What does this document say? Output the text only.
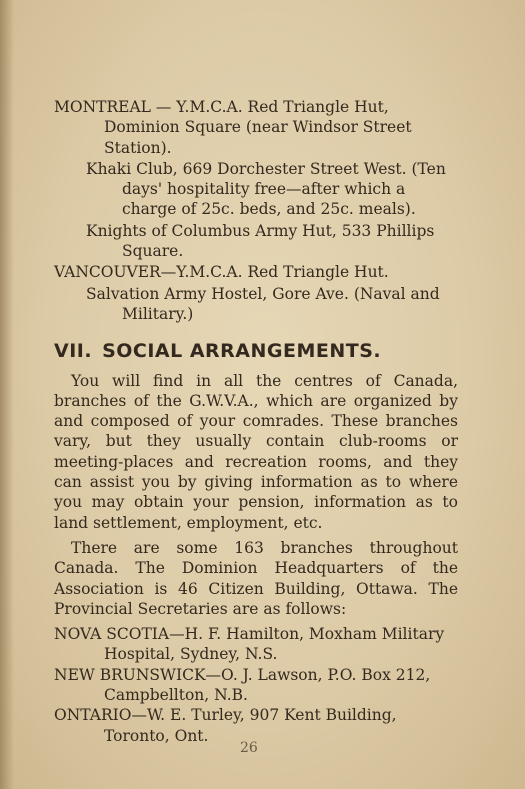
MONTREAL — Y.M.C.A. Red Triangle Hut, Dominion Square (near Windsor Street Station).

Khaki Club, 669 Dorchester Street West. (Ten days' hospitality free—after which a charge of 25c. beds, and 25c. meals).

Knights of Columbus Army Hut, 533 Phillips Square.

VANCOUVER—Y.M.C.A. Red Triangle Hut.

Salvation Army Hostel, Gore Ave. (Naval and Military.)

VII. SOCIAL ARRANGEMENTS.

You will find in all the centres of Canada, branches of the G.W.V.A., which are organized by and composed of your comrades. These branches vary, but they usually contain club-rooms or meeting-places and recreation rooms, and they can assist you by giving information as to where you may obtain your pension, information as to land settlement, employment, etc.

There are some 163 branches throughout Canada. The Dominion Headquarters of the Association is 46 Citizen Building, Ottawa. The Provincial Secretaries are as follows:

NOVA SCOTIA—H. F. Hamilton, Moxham Military Hospital, Sydney, N.S.

NEW BRUNSWICK—O. J. Lawson, P.O. Box 212, Campbellton, N.B.

ONTARIO—W. E. Turley, 907 Kent Building, Toronto, Ont.

26
